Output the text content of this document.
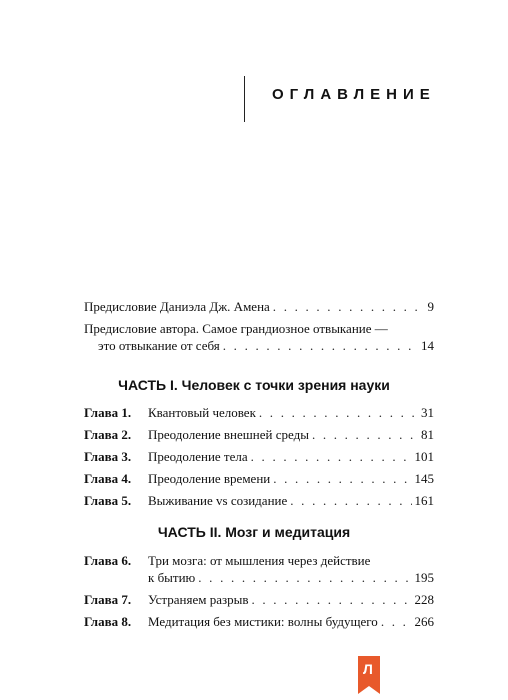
ОГЛАВЛЕНИЕ
Предисловие Даниэла Дж. Амена . . .	9
Предисловие автора. Самое грандиозное отвыкание —
это отвыкание от себя . . .	14
ЧАСТЬ I. Человек с точки зрения науки
Глава 1.	Квантовый человек . . .	31
Глава 2.	Преодоление внешней среды . . .	81
Глава 3.	Преодоление тела . . .	101
Глава 4.	Преодоление времени . . .	145
Глава 5.	Выживание vs созидание . . .	161
ЧАСТЬ II. Мозг и медитация
Глава 6.	Три мозга: от мышления через действие
к бытию . . .	195
Глава 7.	Устраняем разрыв . . .	228
Глава 8.	Медитация без мистики: волны будущего . . .	266
Л
